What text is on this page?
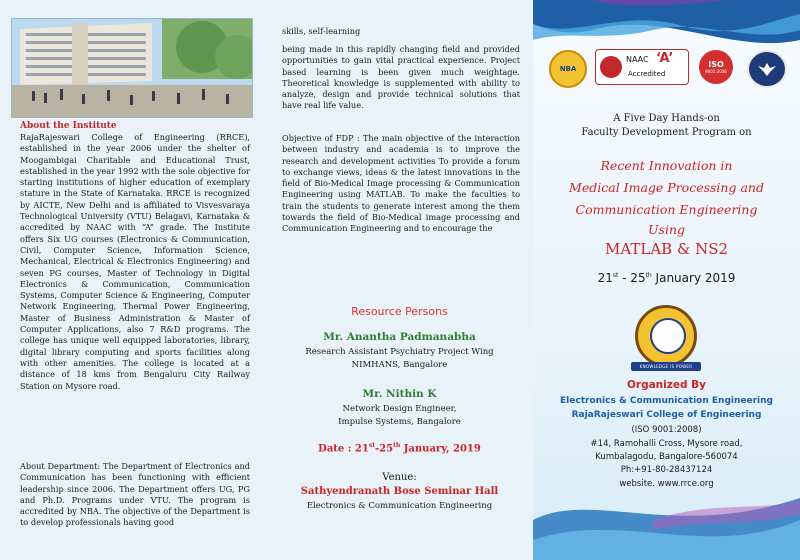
About the Institute

RajaRajeswari College of Engineering (RRCE), established in the year 2006 under the shelter of Moogambigai Charitable and Educational Trust, established in the year 1992 with the sole objective for starting institutions of higher education of exemplary stature in the State of Karnataka. RRCE is recognized by AICTE, New Delhi and is affiliated to Visvesvaraya Technological University (VTU) Belagavi, Karnataka & accredited by NAAC with “A” grade. The Institute offers Six UG courses (Electronics & Communication, Civil, Computer Science, Information Science, Mechanical, Electrical & Electronics Engineering) and seven PG courses, Master of Technology in Digital Electronics & Communication, Communication Systems, Computer Science & Engineering, Computer Network Engineering, Thermal Power Engineering, Master of Business Administration & Master of Computer Applications, also 7 R&D programs. The college has unique well equipped laboratories, library, digital library computing and sports facilities along with other amenities. The college is located at a distance of 18 kms from Bengaluru City Railway Station on Mysore road.

About Department: The Department of Electronics and Communication has been functioning with efficient leadership since 2006. The Department offers UG, PG and Ph.D. Programs under VTU. The program is accredited by NBA. The objective of the Department is to develop professionals having good

skills, self-learning

being made in this rapidly changing field and provided opportunities to gain vital practical experience. Project based learning is been given much weightage. Theoretical knowledge is supplemented with ability to analyze, design and provide technical solutions that have real life value.

Objective of FDP : The main objective of the interaction between industry and academia is to improve the research and development activities To provide a forum to exchange views, ideas & the latest innovations in the field of Bio-Medical Image processing & Communication Engineering using MATLAB. To make the faculties to train the students to generate interest among the them towards the field of Bio-Medical image processing and Communication Engineering and to encourage the

Resource Persons
Mr. Anantha Padmanabha
Research Assistant Psychiatry Project Wing
NIMHANS, Bangalore
Mr. Nithin K
Network Design Engineer,
Impulse Systems, Bangalore
Date : 21st-25th January, 2019
Venue:
Sathyendranath Bose Seminar Hall
Electronics & Communication Engineering
NBA
NAAC ‘A’
Accredited
ISO
9001:2008
A Five Day Hands-on
Faculty Development Program on
Recent Innovation in
Medical Image Processing and
Communication Engineering
Using
MATLAB & NS2
21st - 25th January 2019
KNOWLEDGE IS POWER
Organized By
Electronics & Communication Engineering
RajaRajeswari College of Engineering
(ISO 9001:2008)
#14, Ramohalli Cross, Mysore road,
Kumbalagodu, Bangalore-560074
Ph:+91-80-28437124
website. www.rrce.org
